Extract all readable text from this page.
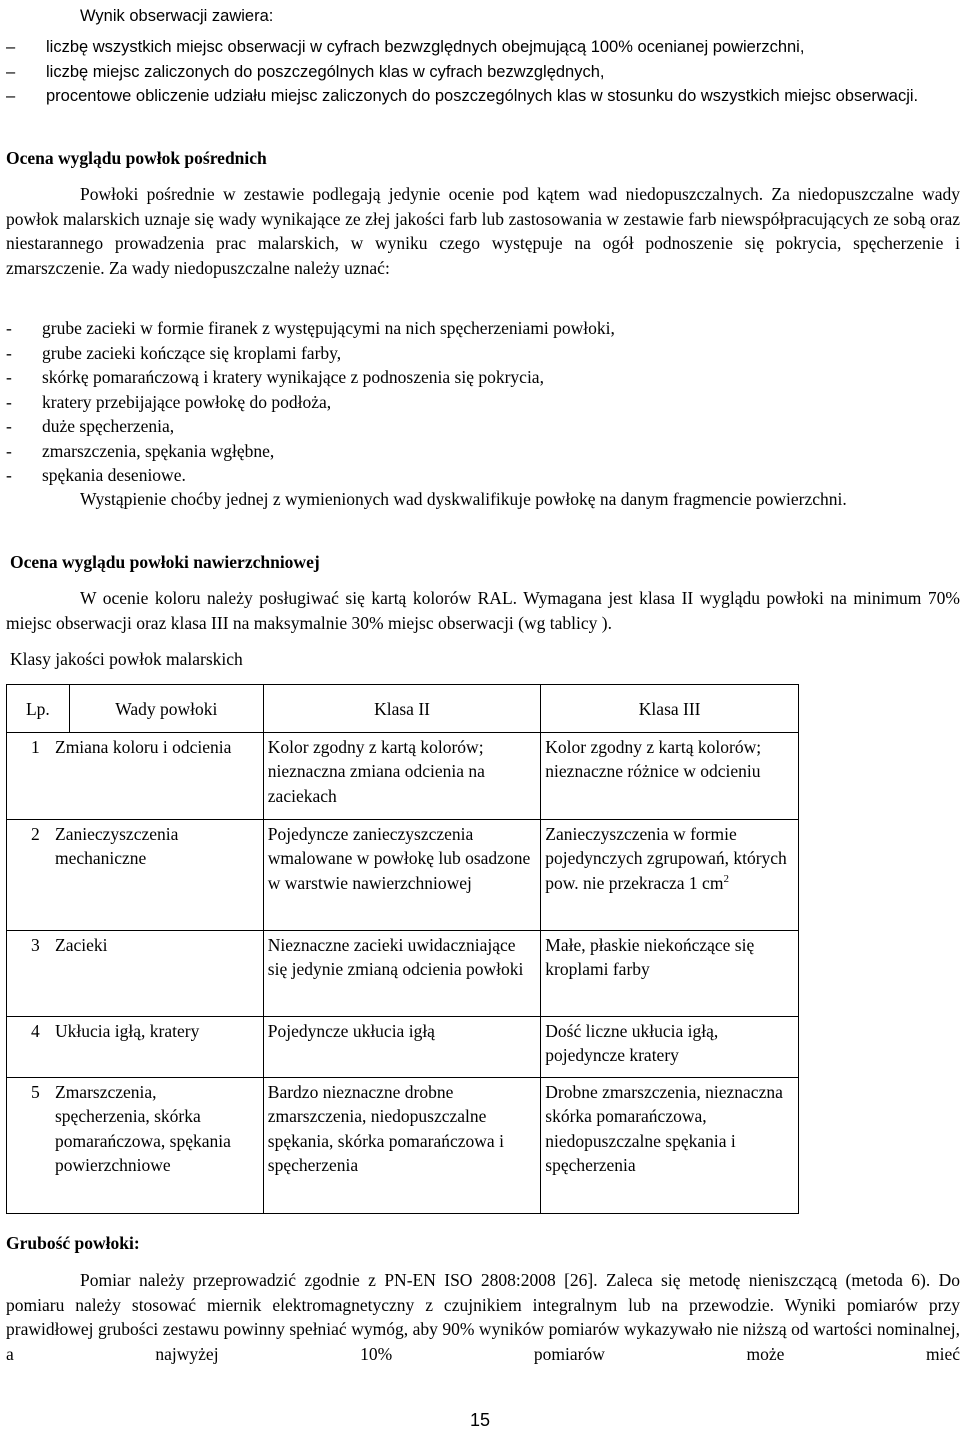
Wynik obserwacji zawiera:
– liczbę wszystkich miejsc obserwacji w cyfrach bezwzględnych obejmującą 100% ocenianej powierzchni,
– liczbę miejsc zaliczonych do poszczególnych klas w cyfrach bezwzględnych,
– procentowe obliczenie udziału miejsc zaliczonych do poszczególnych klas w stosunku do wszystkich miejsc obserwacji.
Ocena wyglądu powłok pośrednich
Powłoki pośrednie w zestawie podlegają jedynie ocenie pod kątem wad niedopuszczalnych. Za niedopuszczalne wady powłok malarskich uznaje się wady wynikające ze złej jakości farb lub zastosowania w zestawie farb niewspółpracujących ze sobą oraz niestarannego prowadzenia prac malarskich, w wyniku czego występuje na ogół podnoszenie się pokrycia, spęcherzenie i zmarszczenie. Za wady niedopuszczalne należy uznać:
- grube zacieki w formie firanek z występującymi na nich spęcherzeniami powłoki,
- grube zacieki kończące się kroplami farby,
- skórkę pomarańczową i kratery wynikające z podnoszenia się pokrycia,
- kratery przebijające powłokę do podłoża,
- duże spęcherzenia,
- zmarszczenia, spękania wgłębne,
- spękania deseniowe.
Wystąpienie choćby jednej z wymienionych wad dyskwalifikuje powłokę na danym fragmencie powierzchni.
Ocena wyglądu powłoki nawierzchniowej
W ocenie koloru należy posługiwać się kartą kolorów RAL. Wymagana jest klasa II wyglądu powłoki na minimum 70% miejsc obserwacji oraz klasa III na maksymalnie 30% miejsc obserwacji (wg tablicy ).
Klasy jakości powłok malarskich
Lp.	Wady powłoki	Klasa II	Klasa III

1 Zmiana koloru i odcienia		Kolor zgodny z kartą kolorów; nieznaczna zmiana odcienia na zaciekach	Kolor zgodny z kartą kolorów; nieznaczne różnice w odcieniu

2 Zanieczyszczenia mechaniczne		Pojedyncze zanieczyszczenia wmalowane w powłokę lub osadzone w warstwie nawierzchniowej	Zanieczyszczenia w formie pojedynczych zgrupowań, których pow. nie przekracza 1 $cm^2$

3 Zacieki		Nieznaczne zacieki uwidaczniające się jedynie zmianą odcienia powłoki	Małe, płaskie niekończące się kroplami farby

4 Ukłucia igłą, kratery		Pojedyncze ukłucia igłą	Dość liczne ukłucia igłą, pojedyncze kratery

5 Zmarszczenia, spęcherzenia, skórka pomarańczowa, spękania powierzchniowe		Bardzo nieznaczne drobne zmarszczenia, niedopuszczalne spękania, skórka pomarańczowa i spęcherzenia	Drobne zmarszczenia, nieznaczna skórka pomarańczowa, niedopuszczalne spękania i spęcherzenia
Grubość powłoki:
Pomiar należy przeprowadzić zgodnie z PN-EN ISO 2808:2008 [26]. Zaleca się metodę nieniszczącą (metoda 6). Do pomiaru należy stosować miernik elektromagnetyczny z czujnikiem integralnym lub na przewodzie. Wyniki pomiarów przy prawidłowej grubości zestawu powinny spełniać wymóg, aby 90% wyników pomiarów wykazywało nie niższą od wartości nominalnej, a najwyżej 10% pomiarów może mieć
15
